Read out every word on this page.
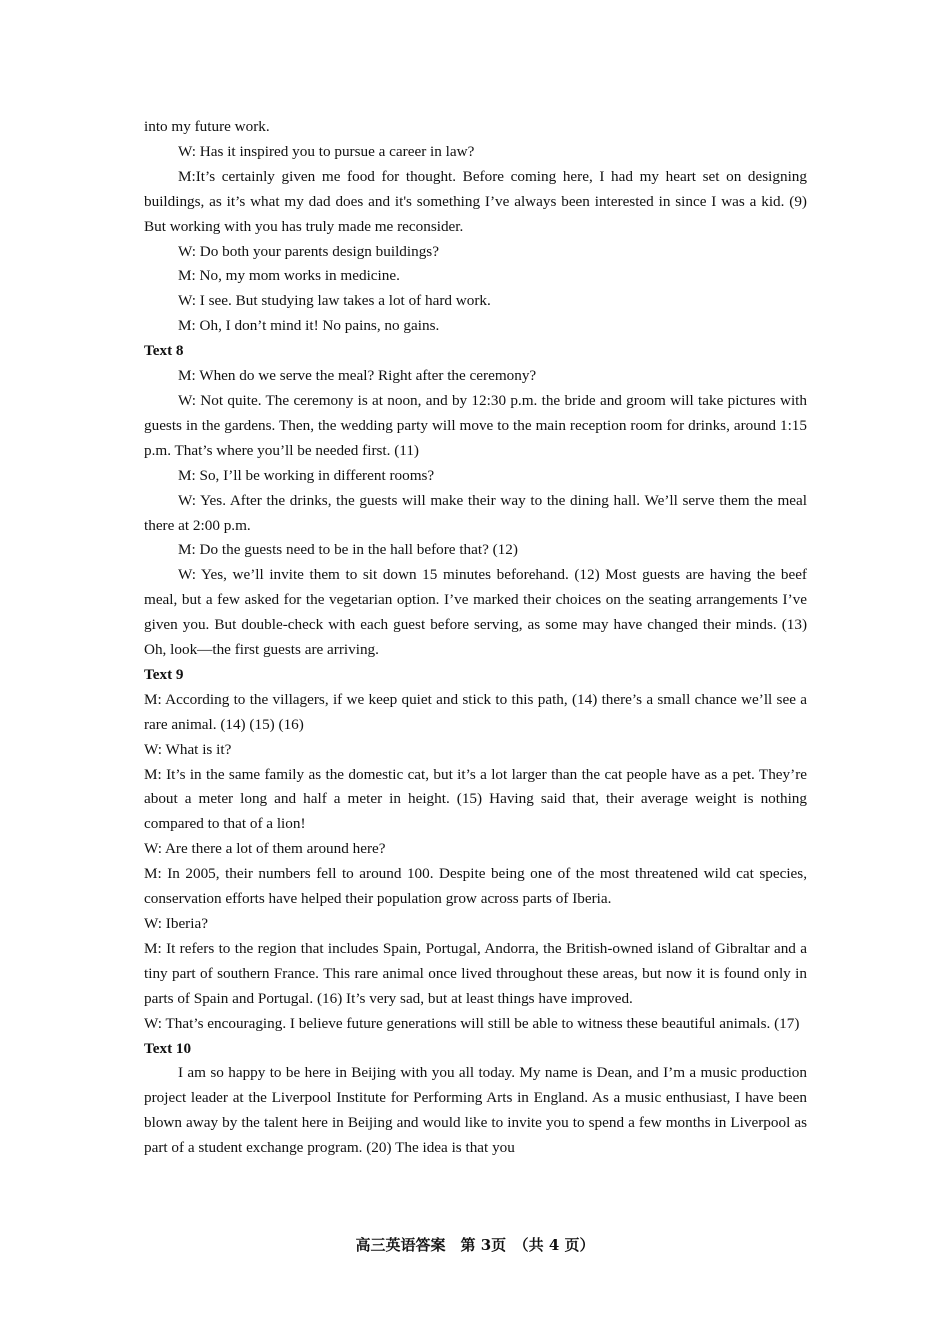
into my future work.

W: Has it inspired you to pursue a career in law?

M:It’s certainly given me food for thought. Before coming here, I had my heart set on designing buildings, as it’s what my dad does and it's something I’ve always been interested in since I was a kid. (9) But working with you has truly made me reconsider.

W: Do both your parents design buildings?

M: No, my mom works in medicine.

W: I see. But studying law takes a lot of hard work.

M: Oh, I don’t mind it! No pains, no gains.

Text 8

M: When do we serve the meal? Right after the ceremony?

W: Not quite. The ceremony is at noon, and by 12:30 p.m. the bride and groom will take pictures with guests in the gardens. Then, the wedding party will move to the main reception room for drinks, around 1:15 p.m. That’s where you’ll be needed first. (11)

M: So, I’ll be working in different rooms?

W: Yes. After the drinks, the guests will make their way to the dining hall. We’ll serve them the meal there at 2:00 p.m.

M: Do the guests need to be in the hall before that? (12)

W: Yes, we’ll invite them to sit down 15 minutes beforehand. (12) Most guests are having the beef meal, but a few asked for the vegetarian option. I’ve marked their choices on the seating arrangements I’ve given you. But double-check with each guest before serving, as some may have changed their minds. (13) Oh, look—the first guests are arriving.

Text 9

M: According to the villagers, if we keep quiet and stick to this path, (14) there’s a small chance we’ll see a rare animal. (14) (15) (16)

W: What is it?

M: It’s in the same family as the domestic cat, but it’s a lot larger than the cat people have as a pet. They’re about a meter long and half a meter in height. (15) Having said that, their average weight is nothing compared to that of a lion!

W: Are there a lot of them around here?

M: In 2005, their numbers fell to around 100. Despite being one of the most threatened wild cat species, conservation efforts have helped their population grow across parts of Iberia.

W: Iberia?

M: It refers to the region that includes Spain, Portugal, Andorra, the British-owned island of Gibraltar and a tiny part of southern France. This rare animal once lived throughout these areas, but now it is found only in parts of Spain and Portugal. (16) It’s very sad, but at least things have improved.

W: That’s encouraging. I believe future generations will still be able to witness these beautiful animals. (17)

Text 10

I am so happy to be here in Beijing with you all today. My name is Dean, and I’m a music production project leader at the Liverpool Institute for Performing Arts in England. As a music enthusiast, I have been blown away by the talent here in Beijing and would like to invite you to spend a few months in Liverpool as part of a student exchange program. (20) The idea is that you

高三英语答案　第 3页　（共 4 页）
